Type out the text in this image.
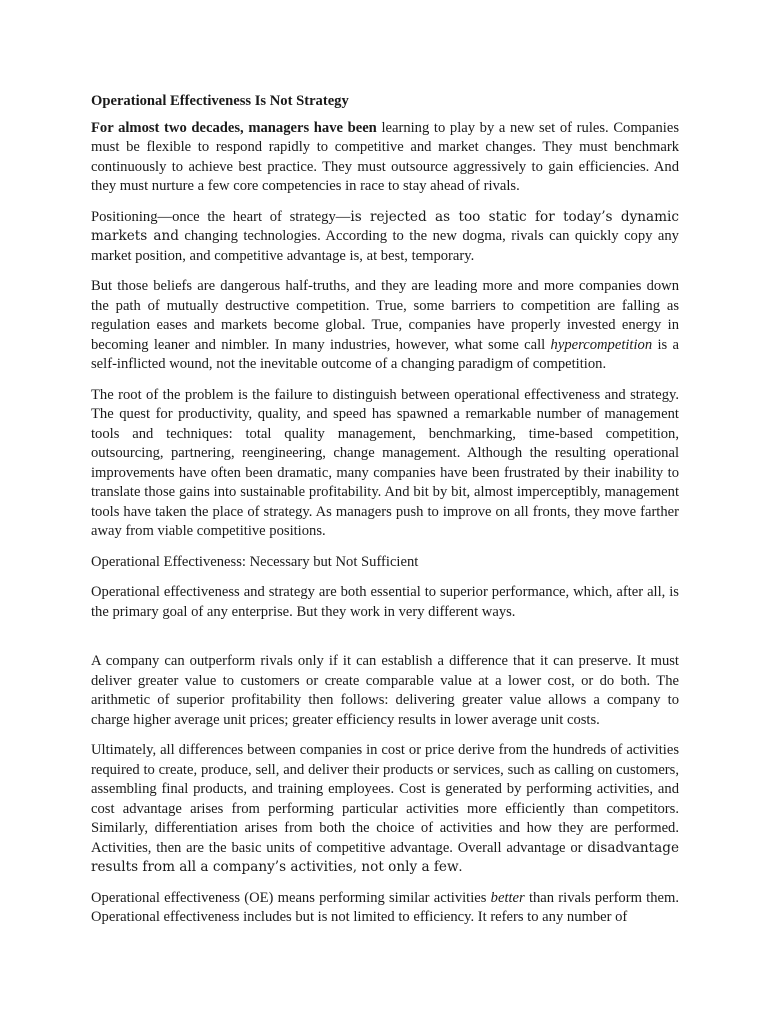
Operational Effectiveness Is Not Strategy

For almost two decades, managers have been learning to play by a new set of rules. Companies must be flexible to respond rapidly to competitive and market changes. They must benchmark continuously to achieve best practice. They must outsource aggressively to gain efficiencies. And they must nurture a few core competencies in race to stay ahead of rivals.

Positioning—once the heart of strategy—is rejected as too static for today’s dynamic markets and changing technologies. According to the new dogma, rivals can quickly copy any market position, and competitive advantage is, at best, temporary.

But those beliefs are dangerous half-truths, and they are leading more and more companies down the path of mutually destructive competition. True, some barriers to competition are falling as regulation eases and markets become global. True, companies have properly invested energy in becoming leaner and nimbler. In many industries, however, what some call hypercompetition is a self-inflicted wound, not the inevitable outcome of a changing paradigm of competition.

The root of the problem is the failure to distinguish between operational effectiveness and strategy. The quest for productivity, quality, and speed has spawned a remarkable number of management tools and techniques: total quality management, benchmarking, time-based competition, outsourcing, partnering, reengineering, change management. Although the resulting operational improvements have often been dramatic, many companies have been frustrated by their inability to translate those gains into sustainable profitability. And bit by bit, almost imperceptibly, management tools have taken the place of strategy. As managers push to improve on all fronts, they move farther away from viable competitive positions.

Operational Effectiveness: Necessary but Not Sufficient

Operational effectiveness and strategy are both essential to superior performance, which, after all, is the primary goal of any enterprise. But they work in very different ways.

A company can outperform rivals only if it can establish a difference that it can preserve. It must deliver greater value to customers or create comparable value at a lower cost, or do both. The arithmetic of superior profitability then follows: delivering greater value allows a company to charge higher average unit prices; greater efficiency results in lower average unit costs.

Ultimately, all differences between companies in cost or price derive from the hundreds of activities required to create, produce, sell, and deliver their products or services, such as calling on customers, assembling final products, and training employees. Cost is generated by performing activities, and cost advantage arises from performing particular activities more efficiently than competitors. Similarly, differentiation arises from both the choice of activities and how they are performed. Activities, then are the basic units of competitive advantage. Overall advantage or disadvantage results from all a company’s activities, not only a few.

Operational effectiveness (OE) means performing similar activities better than rivals perform them. Operational effectiveness includes but is not limited to efficiency. It refers to any number of
